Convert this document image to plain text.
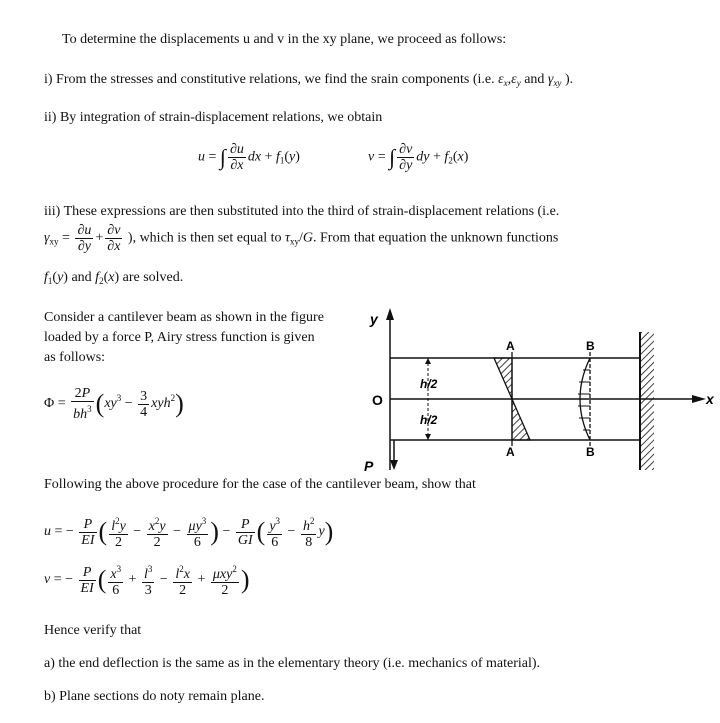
To determine the displacements u and v in the xy plane, we proceed as follows:
i) From the stresses and constitutive relations, we find the srain components (i.e. $\varepsilon_x,\varepsilon_y$ and $\gamma_{xy}$ ).
ii) By integration of strain-displacement relations, we obtain
u = ∫ $\frac{\partial u}{\partial x}$ dx + $f_1(y)$	v = ∫ $\frac{\partial v}{\partial y}$ dy + $f_2(x)$
iii) These expressions are then substituted into the third of strain-displacement relations (i.e.
$\gamma_{xy} = \frac{\partial u}{\partial y} + \frac{\partial v}{\partial x}$ ), which is then set equal to $\tau_{xy}/G$. From that equation the unknown functions
$f_1(y)$ and $f_2(x)$ are solved.
Consider a cantilever beam as shown in the figure
loaded by a force P, Airy stress function is given
as follows:
$\Phi = \frac{2P}{bh^3} (xy^3 - \frac{3}{4} xyh^2)$
y
x
O
h/2
h/2
A
A
B
B
P
Following the above procedure for the case of the cantilever beam, show that
u = − $\frac{P}{EI}$ ( $\frac{l^2y}{2} - \frac{x^2y}{2} - \frac{\mu y^3}{6}$ ) − $\frac{P}{GI}$ ( $\frac{y^3}{6} - \frac{h^2}{8} y$)
v = − $\frac{P}{EI}$ ( $\frac{x^3}{6} + \frac{l^3}{3} - \frac{l^2x}{2} + \frac{\mu xy^2}{2}$ )
Hence verify that
a) the end deflection is the same as in the elementary theory (i.e. mechanics of material).
b) Plane sections do noty remain plane.
